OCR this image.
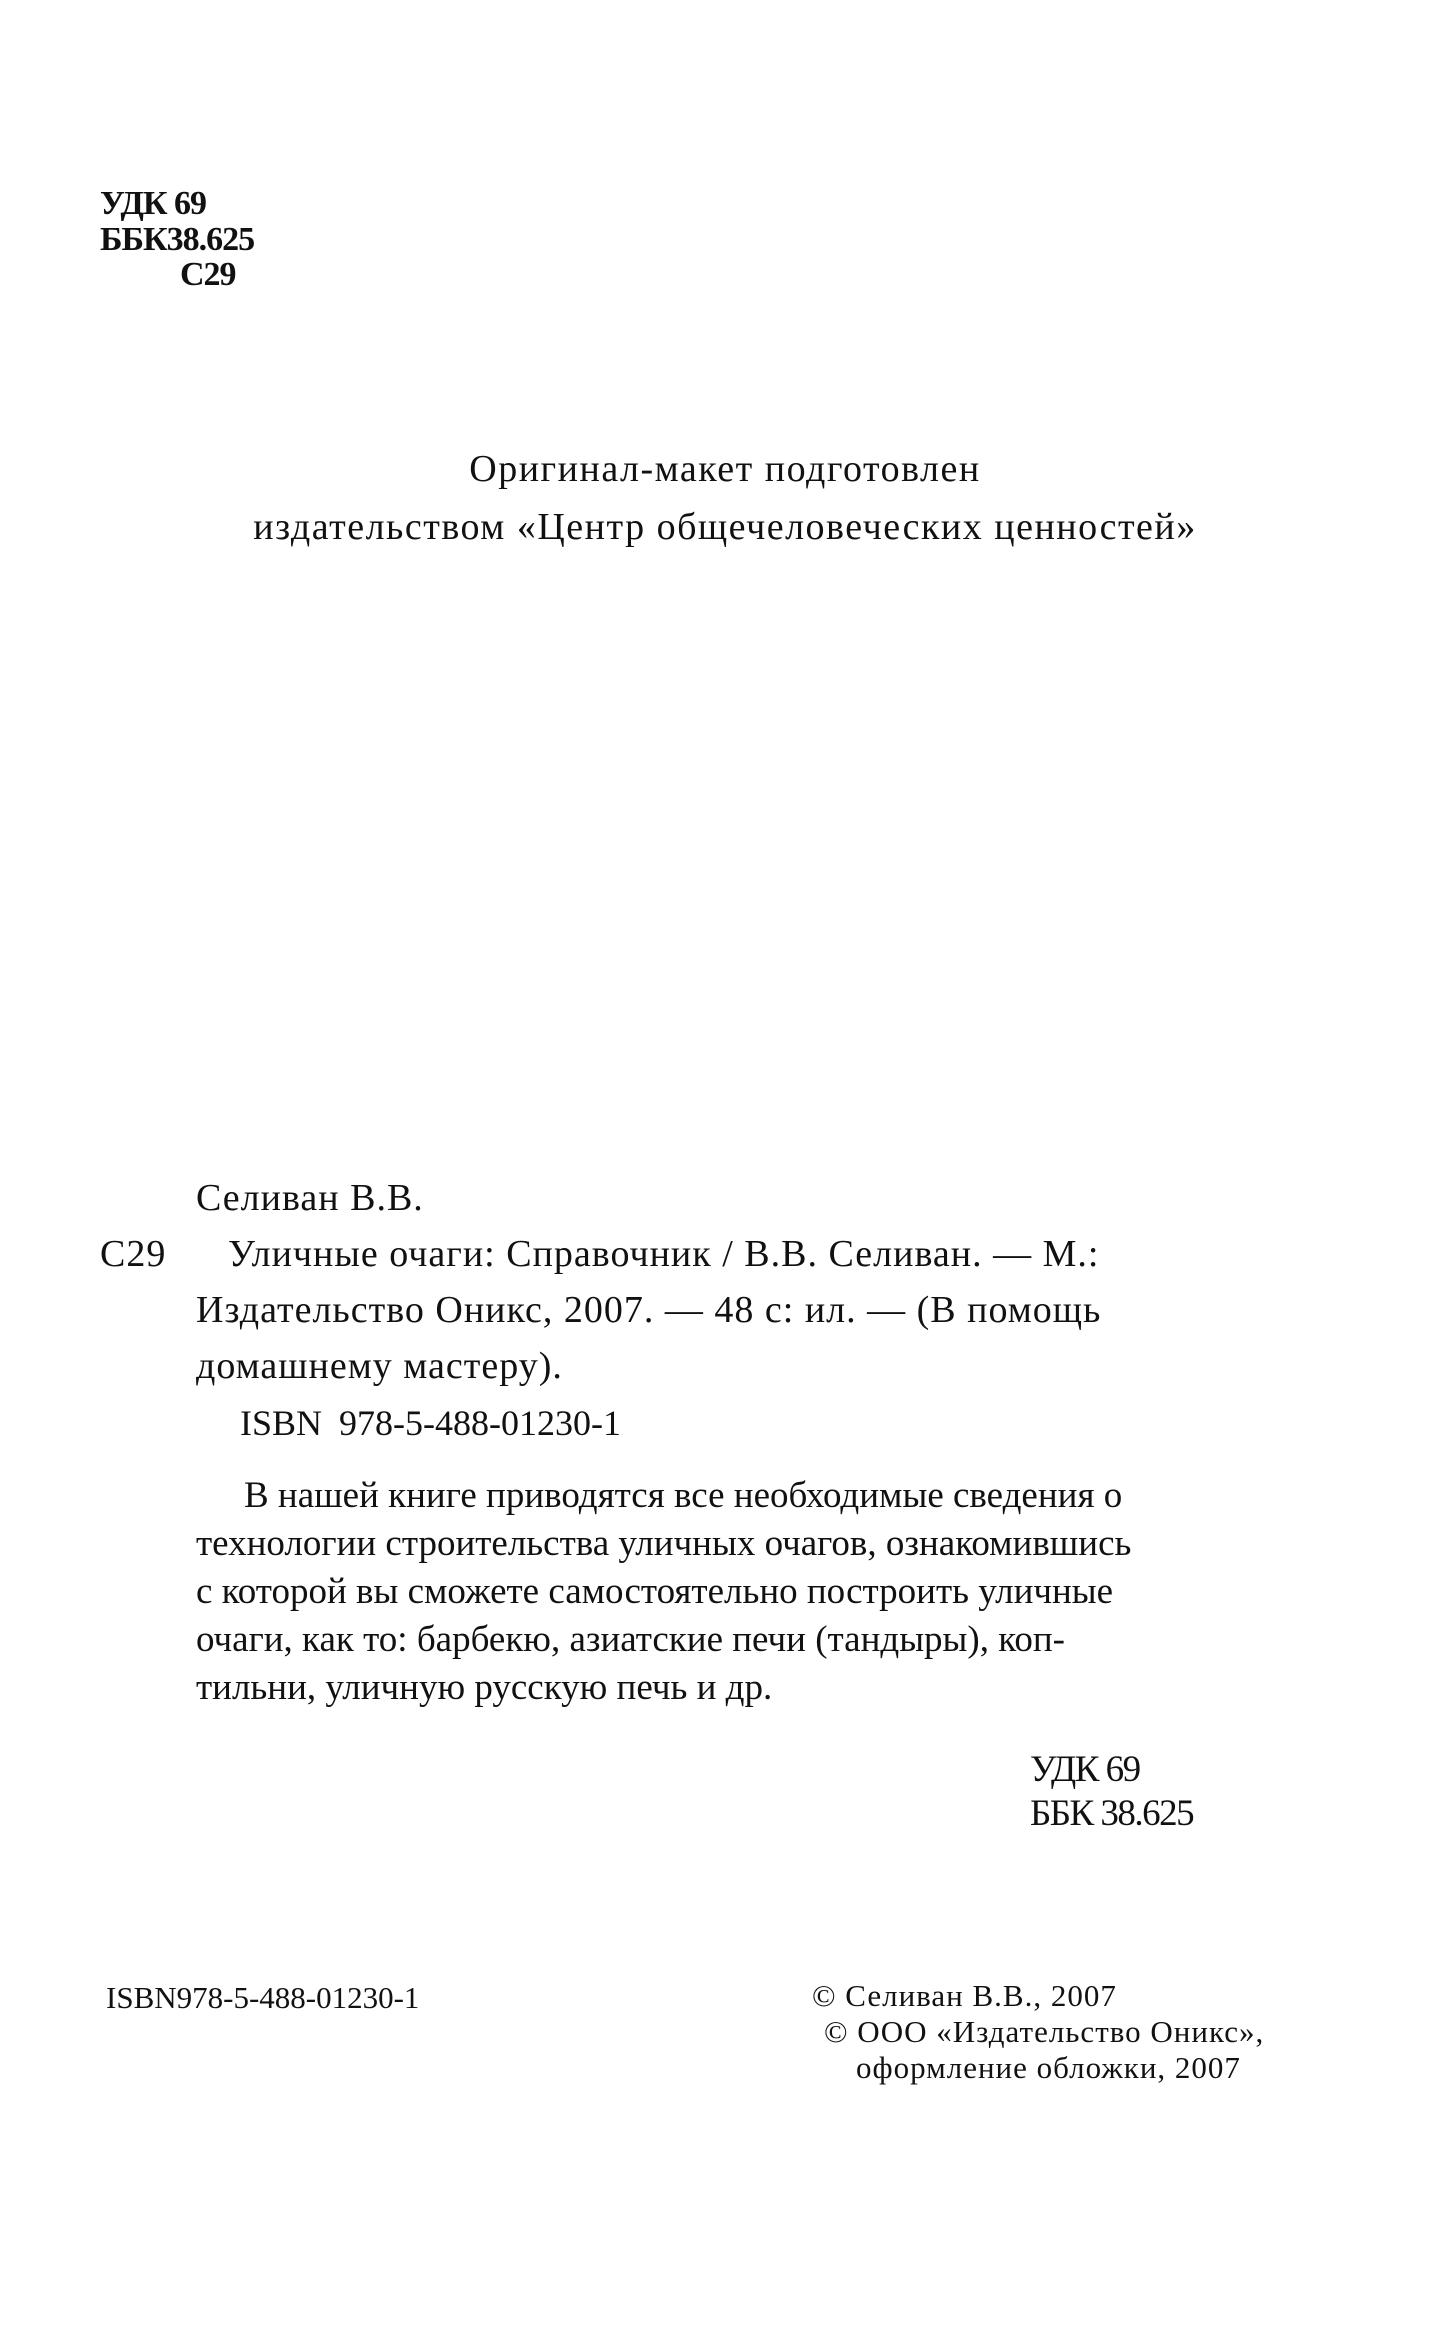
УДК 69
ББК38.625
С29
Оригинал-макет подготовлен
издательством «Центр общечеловеческих ценностей»
Селиван В.В.
С29	Уличные очаги: Справочник / В.В. Селиван. — М.:
Издательство Оникс, 2007. — 48 с: ил. — (В помощь
домашнему мастеру).
ISBN 978-5-488-01230-1
В нашей книге приводятся все необходимые сведения о
технологии строительства уличных очагов, ознакомившись
с которой вы сможете самостоятельно построить уличные
очаги, как то: барбекю, азиатские печи (тандыры), коп-
тильни, уличную русскую печь и др.
УДК 69
ББК 38.625
ISBN978-5-488-01230-1	© Селиван В.В., 2007
© ООО «Издательство Оникс»,
оформление обложки, 2007
